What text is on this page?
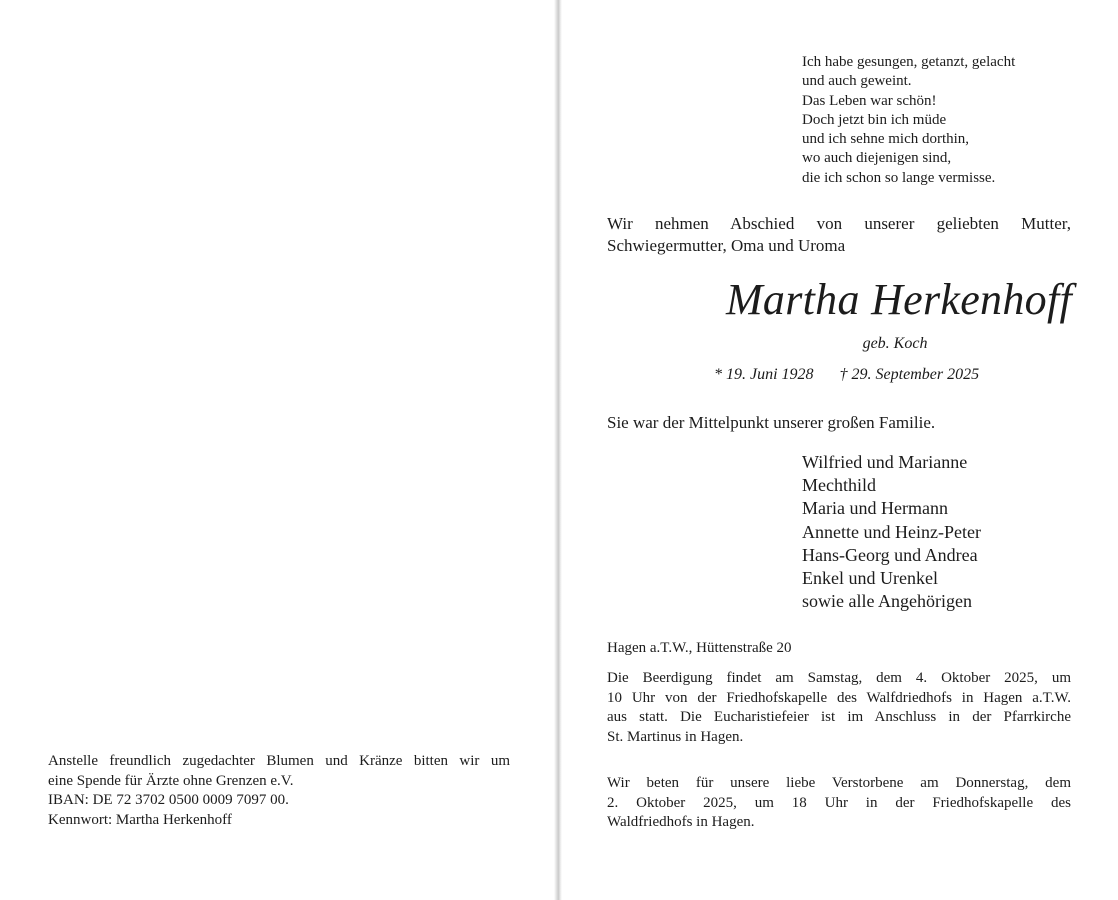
Anstelle freundlich zugedachter Blumen und Kränze bitten wir um
eine Spende für Ärzte ohne Grenzen e.V.
IBAN: DE 72 3702 0500 0009 7097 00.
Kennwort: Martha Herkenhoff
Ich habe gesungen, getanzt, gelacht
und auch geweint.
Das Leben war schön!
Doch jetzt bin ich müde
und ich sehne mich dorthin,
wo auch diejenigen sind,
die ich schon so lange vermisse.
Wir nehmen Abschied von unserer geliebten Mutter, Schwiegermutter, Oma und Uroma
Martha Herkenhoff
geb. Koch
* 19. Juni 1928 † 29. September 2025
Sie war der Mittelpunkt unserer großen Familie.
Wilfried und Marianne
Mechthild
Maria und Hermann
Annette und Heinz-Peter
Hans-Georg und Andrea
Enkel und Urenkel
sowie alle Angehörigen
Hagen a.T.W., Hüttenstraße 20
Die Beerdigung findet am Samstag, dem 4. Oktober 2025, um
10 Uhr von der Friedhofskapelle des Walfdriedhofs in Hagen a.T.W.
aus statt. Die Eucharistiefeier ist im Anschluss in der Pfarrkirche
St. Martinus in Hagen.
Wir beten für unsere liebe Verstorbene am Donnerstag, dem
2. Oktober 2025, um 18 Uhr in der Friedhofskapelle des
Waldfriedhofs in Hagen.
